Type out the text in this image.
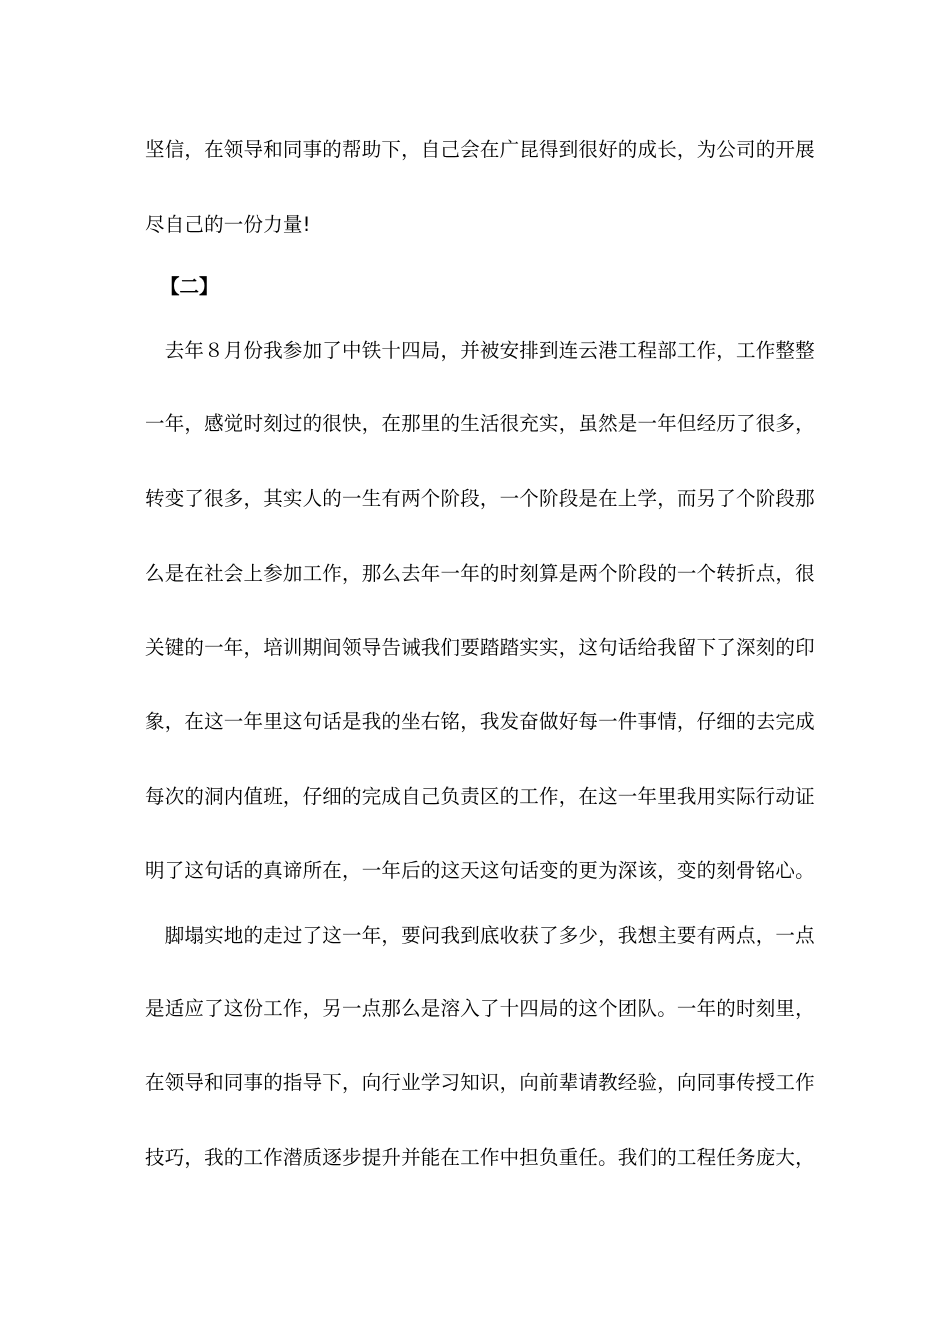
坚信，在领导和同事的帮助下，自己会在广昆得到很好的成长，为公司的开展
尽自己的一份力量!
【二】
　去年８月份我参加了中铁十四局，并被安排到连云港工程部工作，工作整整
一年，感觉时刻过的很快，在那里的生活很充实，虽然是一年但经历了很多，
转变了很多，其实人的一生有两个阶段，一个阶段是在上学，而另了个阶段那
么是在社会上参加工作，那么去年一年的时刻算是两个阶段的一个转折点，很
关键的一年，培训期间领导告诫我们要踏踏实实，这句话给我留下了深刻的印
象，在这一年里这句话是我的坐右铭，我发奋做好每一件事情，仔细的去完成
每次的洞内值班，仔细的完成自己负责区的工作，在这一年里我用实际行动证
明了这句话的真谛所在，一年后的这天这句话变的更为深该，变的刻骨铭心。
　脚塌实地的走过了这一年，要问我到底收获了多少，我想主要有两点，一点
是适应了这份工作，另一点那么是溶入了十四局的这个团队。一年的时刻里，
在领导和同事的指导下，向行业学习知识，向前辈请教经验，向同事传授工作
技巧，我的工作潜质逐步提升并能在工作中担负重任。我们的工程任务庞大，
